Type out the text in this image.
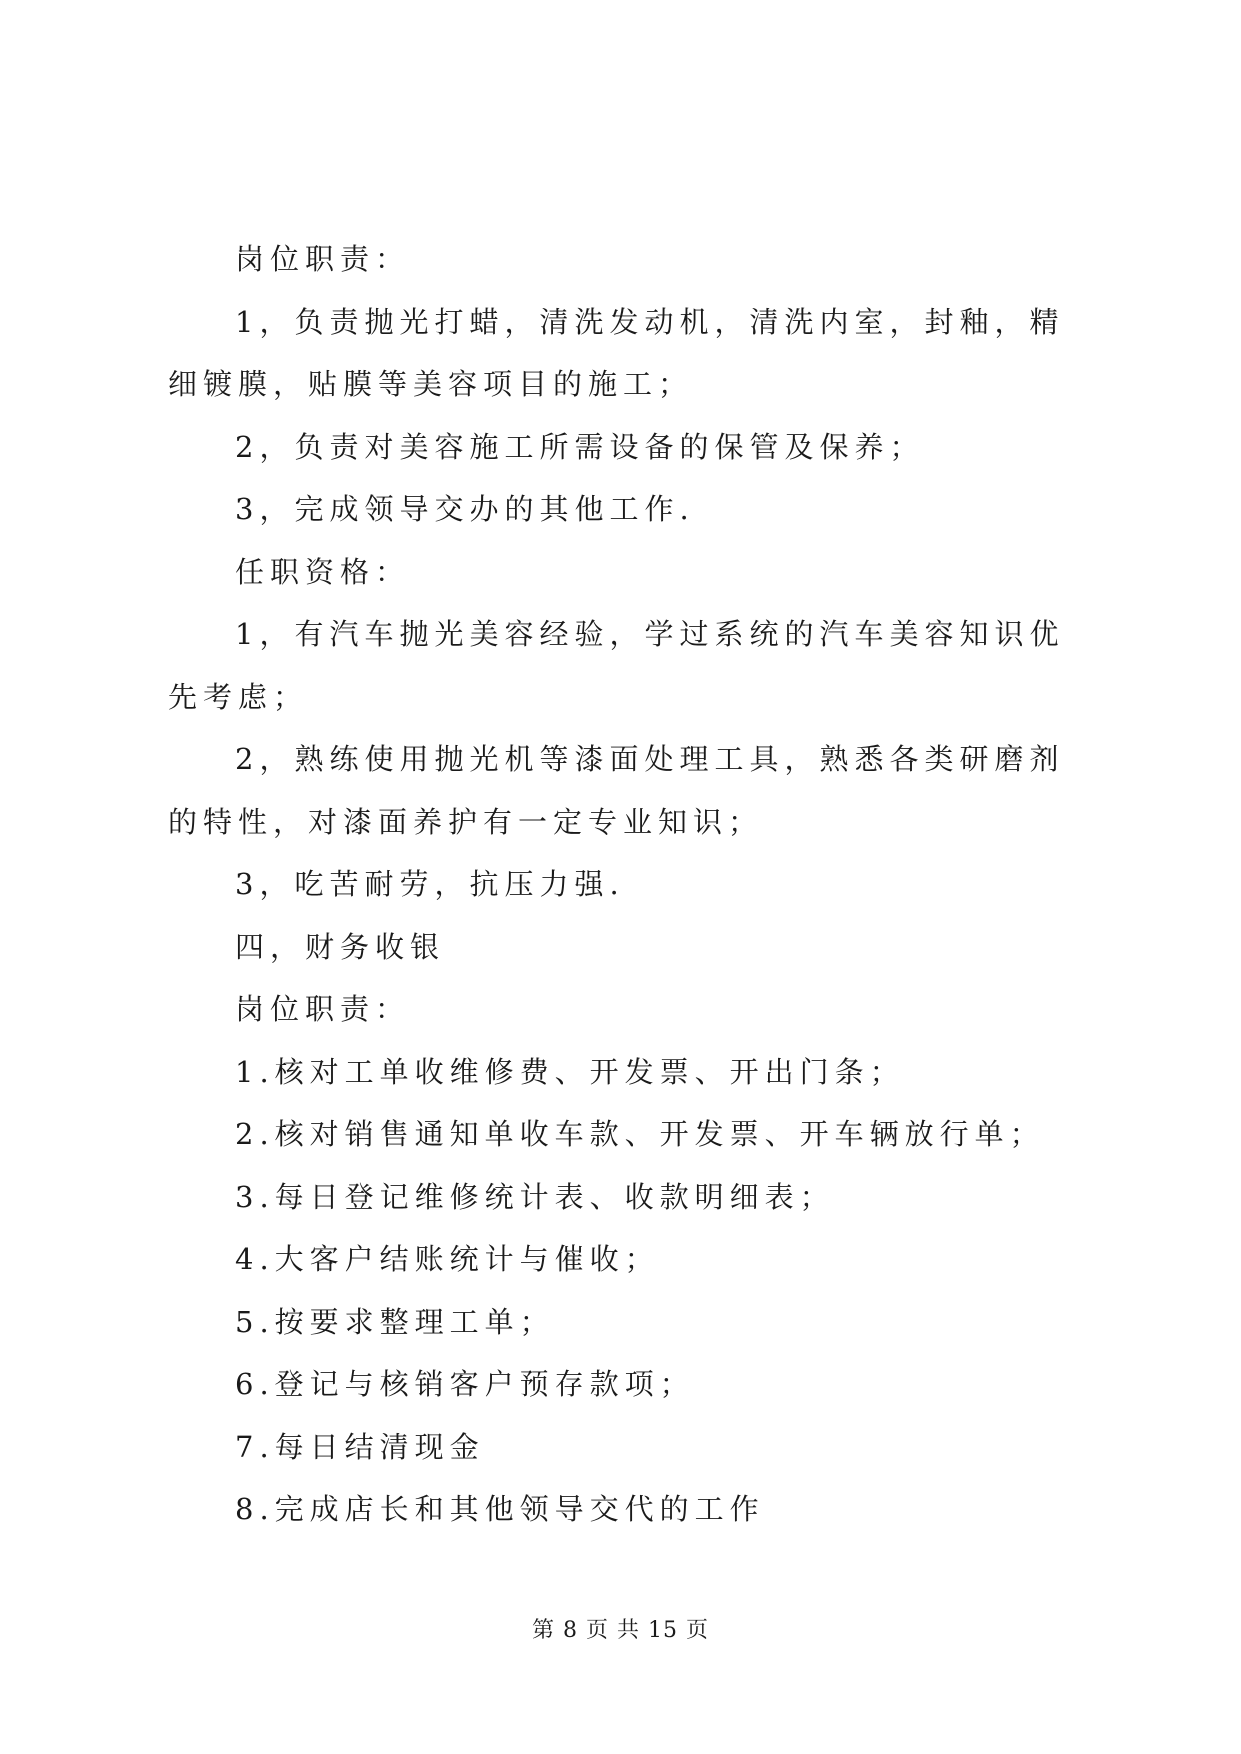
岗位职责：

1，负责抛光打蜡，清洗发动机，清洗内室，封釉，精细镀膜，贴膜等美容项目的施工；

2，负责对美容施工所需设备的保管及保养；

3，完成领导交办的其他工作.

任职资格：

1，有汽车抛光美容经验，学过系统的汽车美容知识优先考虑；

2，熟练使用抛光机等漆面处理工具，熟悉各类研磨剂的特性，对漆面养护有一定专业知识；

3，吃苦耐劳，抗压力强.

四，财务收银

岗位职责：

1.核对工单收维修费、开发票、开出门条；

2.核对销售通知单收车款、开发票、开车辆放行单；

3.每日登记维修统计表、收款明细表；

4.大客户结账统计与催收；

5.按要求整理工单；

6.登记与核销客户预存款项；

7.每日结清现金

8.完成店长和其他领导交代的工作

第 8 页 共 15 页
